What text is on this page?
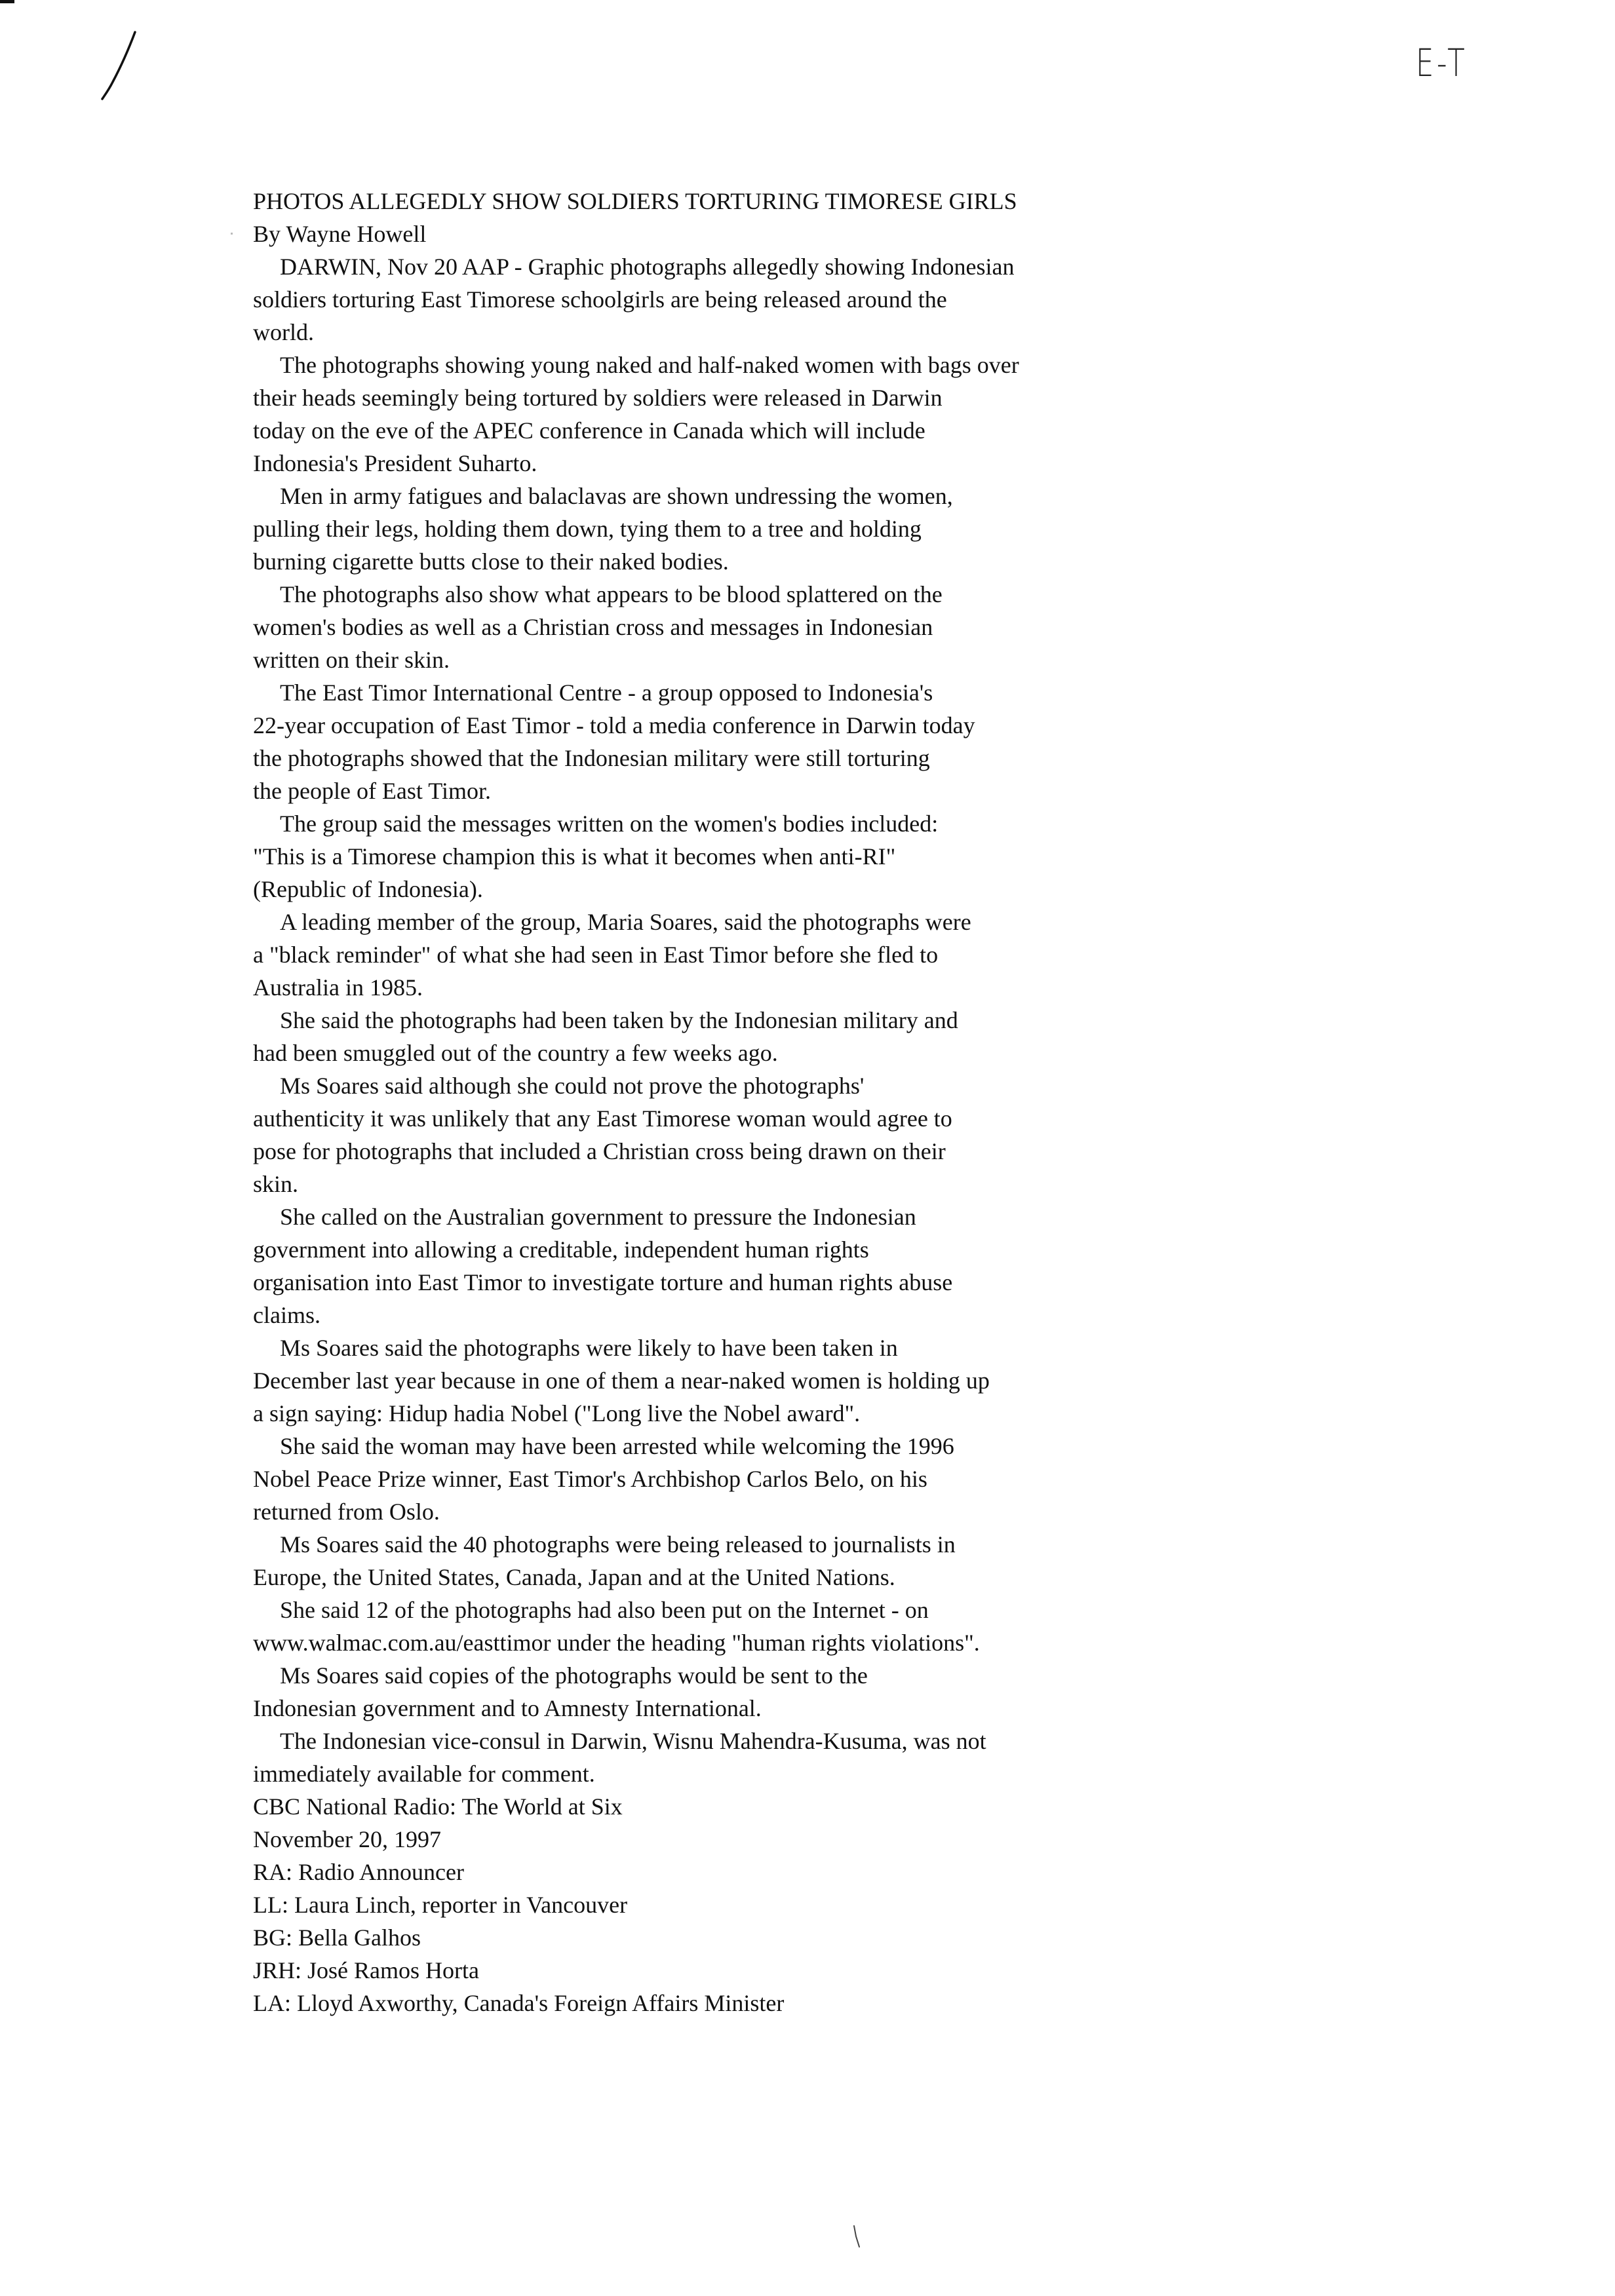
E-T
PHOTOS ALLEGEDLY SHOW SOLDIERS TORTURING TIMORESE GIRLS
By Wayne Howell
DARWIN, Nov 20 AAP - Graphic photographs allegedly showing Indonesian
soldiers torturing East Timorese schoolgirls are being released around the
world.
The photographs showing young naked and half-naked women with bags over
their heads seemingly being tortured by soldiers were released in Darwin
today on the eve of the APEC conference in Canada which will include
Indonesia's President Suharto.
Men in army fatigues and balaclavas are shown undressing the women,
pulling their legs, holding them down, tying them to a tree and holding
burning cigarette butts close to their naked bodies.
The photographs also show what appears to be blood splattered on the
women's bodies as well as a Christian cross and messages in Indonesian
written on their skin.
The East Timor International Centre - a group opposed to Indonesia's
22-year occupation of East Timor - told a media conference in Darwin today
the photographs showed that the Indonesian military were still torturing
the people of East Timor.
The group said the messages written on the women's bodies included:
"This is a Timorese champion this is what it becomes when anti-RI"
(Republic of Indonesia).
A leading member of the group, Maria Soares, said the photographs were
a "black reminder" of what she had seen in East Timor before she fled to
Australia in 1985.
She said the photographs had been taken by the Indonesian military and
had been smuggled out of the country a few weeks ago.
Ms Soares said although she could not prove the photographs'
authenticity it was unlikely that any East Timorese woman would agree to
pose for photographs that included a Christian cross being drawn on their
skin.
She called on the Australian government to pressure the Indonesian
government into allowing a creditable, independent human rights
organisation into East Timor to investigate torture and human rights abuse
claims.
Ms Soares said the photographs were likely to have been taken in
December last year because in one of them a near-naked women is holding up
a sign saying: Hidup hadia Nobel ("Long live the Nobel award".
She said the woman may have been arrested while welcoming the 1996
Nobel Peace Prize winner, East Timor's Archbishop Carlos Belo, on his
returned from Oslo.
Ms Soares said the 40 photographs were being released to journalists in
Europe, the United States, Canada, Japan and at the United Nations.
She said 12 of the photographs had also been put on the Internet - on
www.walmac.com.au/easttimor under the heading "human rights violations".
Ms Soares said copies of the photographs would be sent to the
Indonesian government and to Amnesty International.
The Indonesian vice-consul in Darwin, Wisnu Mahendra-Kusuma, was not
immediately available for comment.
CBC National Radio: The World at Six
November 20, 1997
RA: Radio Announcer
LL: Laura Linch, reporter in Vancouver
BG: Bella Galhos
JRH: José Ramos Horta
LA: Lloyd Axworthy, Canada's Foreign Affairs Minister
